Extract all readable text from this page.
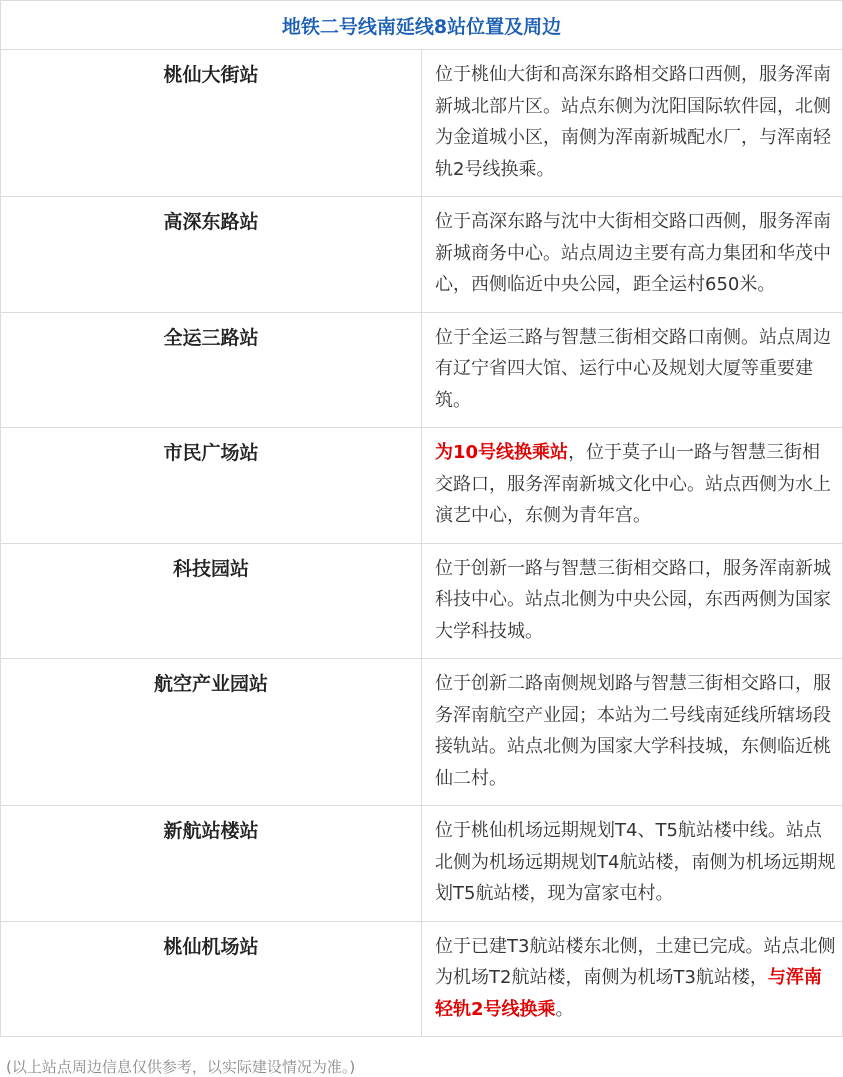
地铁二号线南延线8站位置及周边	
桃仙大街站	位于桃仙大街和高深东路相交路口西侧，服务浑南新城北部片区。站点东侧为沈阳国际软件园，北侧为金道城小区，南侧为浑南新城配水厂，与浑南轻轨2号线换乘。
高深东路站	位于高深东路与沈中大街相交路口西侧，服务浑南新城商务中心。站点周边主要有高力集团和华茂中心，西侧临近中央公园，距全运村650米。
全运三路站	位于全运三路与智慧三街相交路口南侧。站点周边有辽宁省四大馆、运行中心及规划大厦等重要建筑。
市民广场站	为10号线换乘站，位于莫子山一路与智慧三街相交路口，服务浑南新城文化中心。站点西侧为水上演艺中心，东侧为青年宫。
科技园站	位于创新一路与智慧三街相交路口，服务浑南新城科技中心。站点北侧为中央公园，东西两侧为国家大学科技城。
航空产业园站	位于创新二路南侧规划路与智慧三街相交路口，服务浑南航空产业园；本站为二号线南延线所辖场段接轨站。站点北侧为国家大学科技城，东侧临近桃仙二村。
新航站楼站	位于桃仙机场远期规划T4、T5航站楼中线。站点北侧为机场远期规划T4航站楼，南侧为机场远期规划T5航站楼，现为富家屯村。
桃仙机场站	位于已建T3航站楼东北侧，土建已完成。站点北侧为机场T2航站楼，南侧为机场T3航站楼，与浑南轻轨2号线换乘。
(以上站点周边信息仅供参考，以实际建设情况为准。)
